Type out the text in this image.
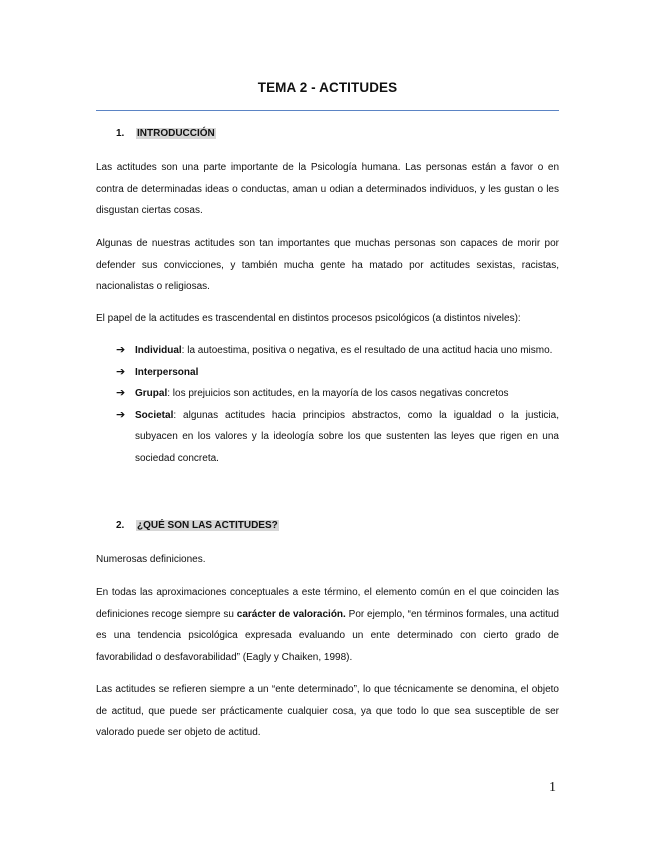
TEMA 2 - ACTITUDES
1. INTRODUCCIÓN

Las actitudes son una parte importante de la Psicología humana. Las personas están a favor o en contra de determinadas ideas o conductas, aman u odian a determinados individuos, y les gustan o les disgustan ciertas cosas.

Algunas de nuestras actitudes son tan importantes que muchas personas son capaces de morir por defender sus convicciones, y también mucha gente ha matado por actitudes sexistas, racistas, nacionalistas o religiosas.

El papel de la actitudes es trascendental en distintos procesos psicológicos (a distintos niveles):

➔ Individual: la autoestima, positiva o negativa, es el resultado de una actitud hacia uno mismo.
➔ Interpersonal
➔ Grupal: los prejuicios son actitudes, en la mayoría de los casos negativas concretos
➔ Societal: algunas actitudes hacia principios abstractos, como la igualdad o la justicia, subyacen en los valores y la ideología sobre los que sustenten las leyes que rigen en una sociedad concreta.
2. ¿QUÉ SON LAS ACTITUDES?

Numerosas definiciones.

En todas las aproximaciones conceptuales a este término, el elemento común en el que coinciden las definiciones recoge siempre su carácter de valoración. Por ejemplo, “en términos formales, una actitud es una tendencia psicológica expresada evaluando un ente determinado con cierto grado de favorabilidad o desfavorabilidad” (Eagly y Chaiken, 1998).

Las actitudes se refieren siempre a un “ente determinado”, lo que técnicamente se denomina, el objeto de actitud, que puede ser prácticamente cualquier cosa, ya que todo lo que sea susceptible de ser valorado puede ser objeto de actitud.

1
